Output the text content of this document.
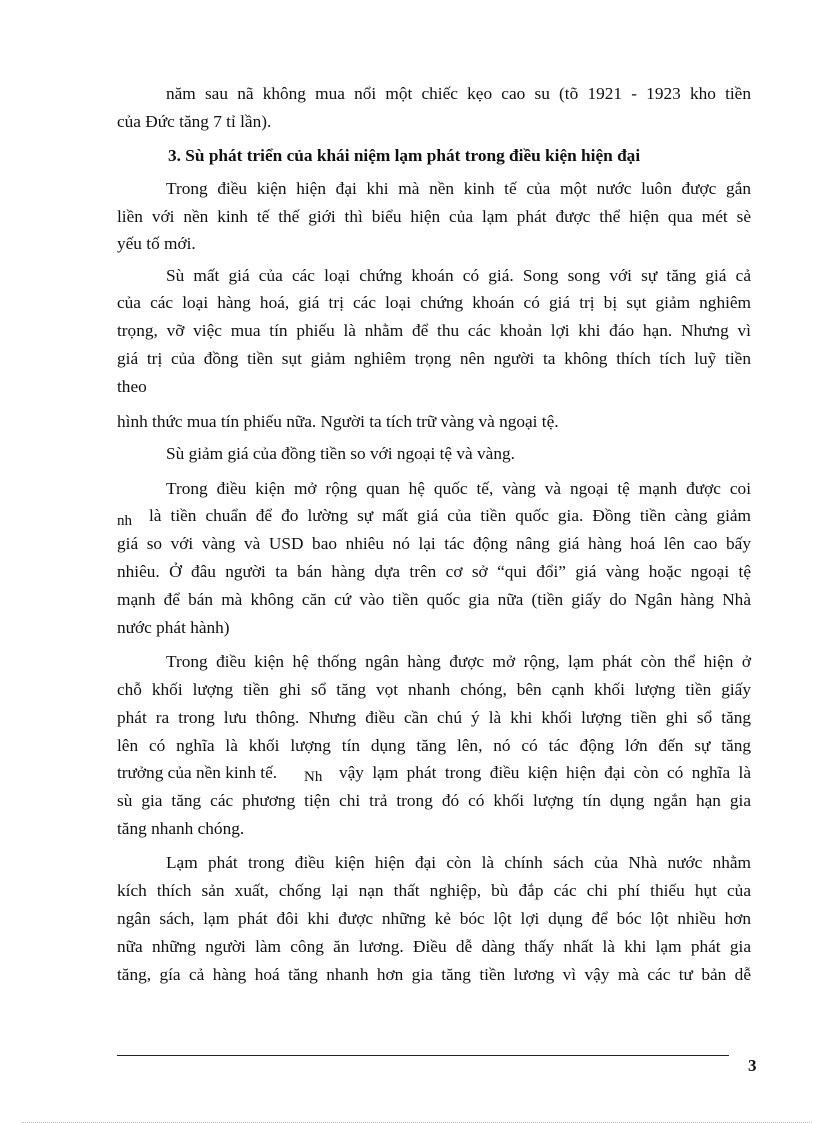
năm sau nã không mua nổi một chiếc kẹo cao su (tõ 1921 - 1923 kho tiền
của Đức tăng 7 tỉ lần).
3. Sù phát triển của khái niệm lạm phát trong điều kiện hiện đại
Trong điều kiện hiện đại khi mà nền kinh tế của một nước luôn được gắn
liền với nền kinh tế thế giới thì biểu hiện của lạm phát được thể hiện qua mét sè
yếu tố mới.
Sù mất giá của các loại chứng khoán có giá. Song song với sự tăng giá cả
của các loại hàng hoá, giá trị các loại chứng khoán có giá trị bị sụt giảm nghiêm
trọng, vỡ việc mua tín phiếu là nhằm để thu các khoản lợi khi đáo hạn. Nhưng vì
giá trị của đồng tiền sụt giảm nghiêm trọng nên người ta không thích tích luỹ tiền
theo
hình thức mua tín phiếu nữa. Người ta tích trữ vàng và ngoại tệ.
Sù giảm giá của đồng tiền so với ngoại tệ và vàng.
Trong điều kiện mở rộng quan hệ quốc tế, vàng và ngoại tệ mạnh được coi
nh là tiền chuẩn để đo lường sự mất giá của tiền quốc gia. Đồng tiền càng giảm
giá so với vàng và USD bao nhiêu nó lại tác động nâng giá hàng hoá lên cao bấy
nhiêu. Ở đâu người ta bán hàng dựa trên cơ sở “qui đổi” giá vàng hoặc ngoại tệ
mạnh để bán mà không căn cứ vào tiền quốc gia nữa (tiền giấy do Ngân hàng Nhà
nước phát hành)
Trong điều kiện hệ thống ngân hàng được mở rộng, lạm phát còn thể hiện ở
chỗ khối lượng tiền ghi sổ tăng vọt nhanh chóng, bên cạnh khối lượng tiền giấy
phát ra trong lưu thông. Nhưng điều cần chú ý là khi khối lượng tiền ghi sổ tăng
lên có nghĩa là khối lượng tín dụng tăng lên, nó có tác động lớn đến sự tăng
trưởng của nền kinh tế.	Nh vậy lạm phát trong điều kiện hiện đại còn có nghĩa là
sù gia tăng các phương tiện chi trả trong đó có khối lượng tín dụng ngắn hạn gia
tăng nhanh chóng.
Lạm phát trong điều kiện hiện đại còn là chính sách của Nhà nước nhằm
kích thích sản xuất, chống lại nạn thất nghiệp, bù đắp các chi phí thiếu hụt của
ngân sách, lạm phát đôi khi được những kẻ bóc lột lợi dụng để bóc lột nhiều hơn
nữa những người làm công ăn lương. Điều dễ dàng thấy nhất là khi lạm phát gia
tăng, gía cả hàng hoá tăng nhanh hơn gia tăng tiền lương vì vậy mà các tư bản dễ
3
